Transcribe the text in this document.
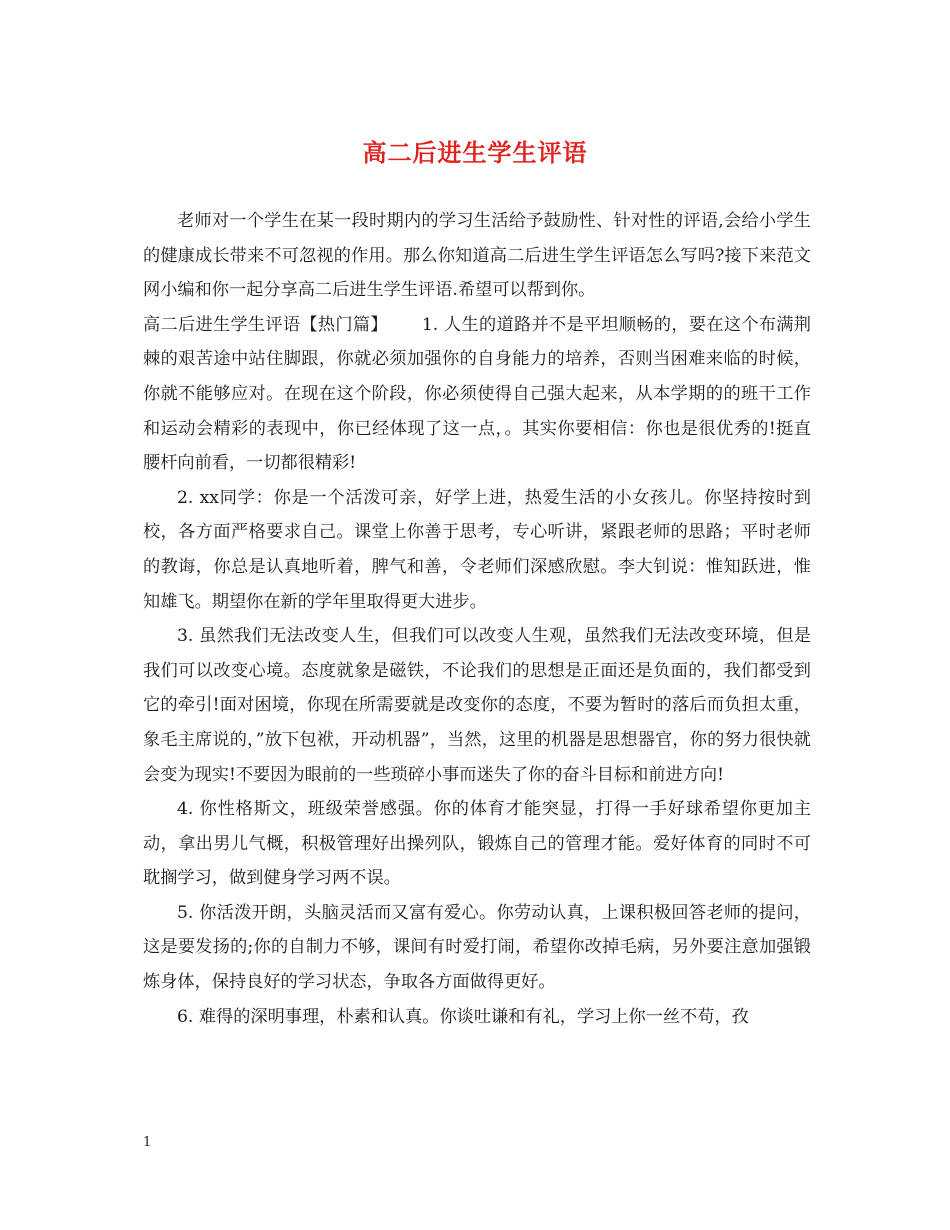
高二后进生学生评语

老师对一个学生在某一段时期内的学习生活给予鼓励性、针对性的评语,会给小学生的健康成长带来不可忽视的作用。那么你知道高二后进生学生评语怎么写吗?接下来范文网小编和你一起分享高二后进生学生评语.希望可以帮到你。

高二后进生学生评语【热门篇】 1. 人生的道路并不是平坦顺畅的，要在这个布满荆棘的艰苦途中站住脚跟，你就必须加强你的自身能力的培养，否则当困难来临的时候，你就不能够应对。在现在这个阶段，你必须使得自己强大起来，从本学期的的班干工作和运动会精彩的表现中，你已经体现了这一点，。其实你要相信：你也是很优秀的!挺直腰杆向前看，一切都很精彩!

2. xx同学：你是一个活泼可亲，好学上进，热爱生活的小女孩儿。你坚持按时到校，各方面严格要求自己。课堂上你善于思考，专心听讲，紧跟老师的思路；平时老师的教诲，你总是认真地听着，脾气和善，令老师们深感欣慰。李大钊说：惟知跃进，惟知雄飞。期望你在新的学年里取得更大进步。

3. 虽然我们无法改变人生，但我们可以改变人生观，虽然我们无法改变环境，但是我们可以改变心境。态度就象是磁铁，不论我们的思想是正面还是负面的，我们都受到它的牵引!面对困境，你现在所需要就是改变你的态度，不要为暂时的落后而负担太重，象毛主席说的，”放下包袱，开动机器”，当然，这里的机器是思想器官，你的努力很快就会变为现实!不要因为眼前的一些琐碎小事而迷失了你的奋斗目标和前进方向!

4. 你性格斯文，班级荣誉感强。你的体育才能突显，打得一手好球希望你更加主动，拿出男儿气概，积极管理好出操列队，锻炼自己的管理才能。爱好体育的同时不可耽搁学习，做到健身学习两不误。

5. 你活泼开朗，头脑灵活而又富有爱心。你劳动认真，上课积极回答老师的提问，这是要发扬的;你的自制力不够，课间有时爱打闹，希望你改掉毛病，另外要注意加强锻炼身体，保持良好的学习状态，争取各方面做得更好。

6. 难得的深明事理，朴素和认真。你谈吐谦和有礼，学习上你一丝不苟，孜

1
